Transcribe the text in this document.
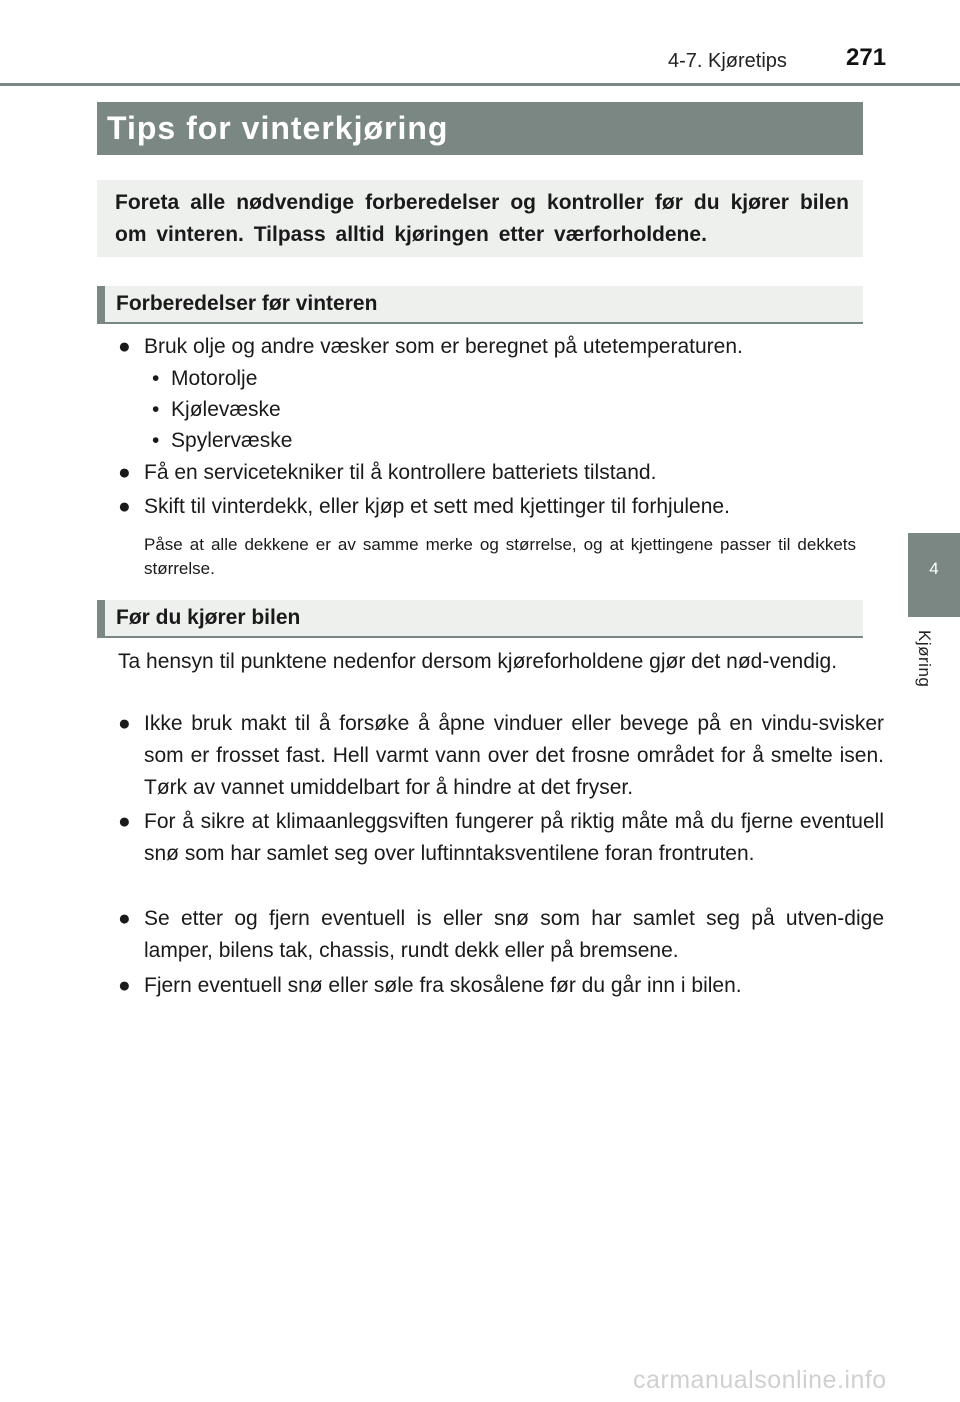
4-7. Kjøretips 271
4
Kjøring
Tips for vinterkjøring
Foreta alle nødvendige forberedelser og kontroller før du kjører bilen om vinteren. Tilpass alltid kjøringen etter værforholdene.
Forberedelser før vinteren
● Bruk olje og andre væsker som er beregnet på utetemperaturen.
• Motorolje
• Kjølevæske
• Spylervæske
● Få en servicetekniker til å kontrollere batteriets tilstand.
● Skift til vinterdekk, eller kjøp et sett med kjettinger til forhjulene.
Påse at alle dekkene er av samme merke og størrelse, og at kjettingene passer til dekkets størrelse.
Før du kjører bilen
Ta hensyn til punktene nedenfor dersom kjøreforholdene gjør det nød-vendig.
● Ikke bruk makt til å forsøke å åpne vinduer eller bevege på en vindu-svisker som er frosset fast. Hell varmt vann over det frosne området for å smelte isen. Tørk av vannet umiddelbart for å hindre at det fryser.
● For å sikre at klimaanleggsviften fungerer på riktig måte må du fjerne eventuell snø som har samlet seg over luftinntaksventilene foran frontruten.
● Se etter og fjern eventuell is eller snø som har samlet seg på utven-dige lamper, bilens tak, chassis, rundt dekk eller på bremsene.
● Fjern eventuell snø eller søle fra skosålene før du går inn i bilen.
carmanualsonline.info
